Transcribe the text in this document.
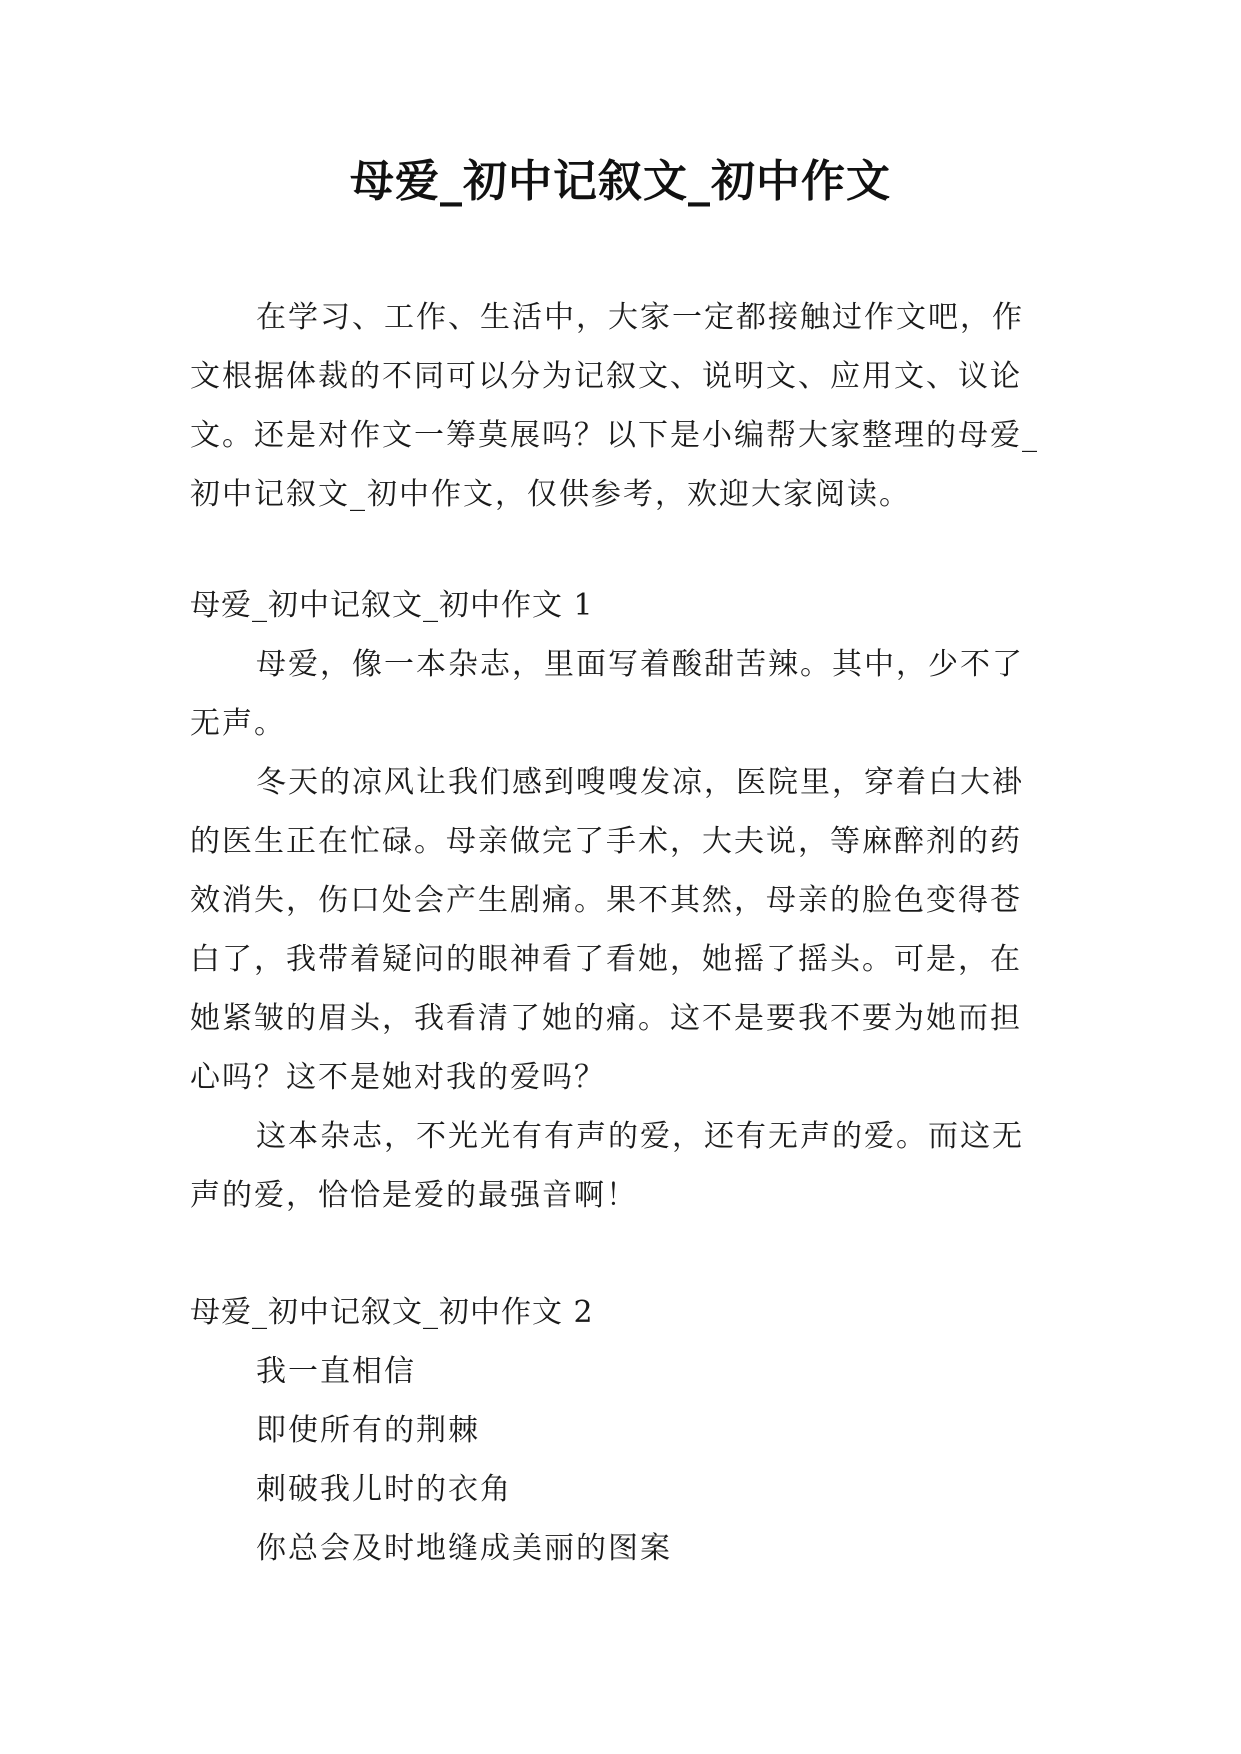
母爱_初中记叙文_初中作文

在学习、工作、生活中，大家一定都接触过作文吧，作文根据体裁的不同可以分为记叙文、说明文、应用文、议论文。还是对作文一筹莫展吗？以下是小编帮大家整理的母爱_初中记叙文_初中作文，仅供参考，欢迎大家阅读。

母爱_初中记叙文_初中作文 1

母爱，像一本杂志，里面写着酸甜苦辣。其中，少不了无声。

冬天的凉风让我们感到嗖嗖发凉，医院里，穿着白大褂的医生正在忙碌。母亲做完了手术，大夫说，等麻醉剂的药效消失，伤口处会产生剧痛。果不其然，母亲的脸色变得苍白了，我带着疑问的眼神看了看她，她摇了摇头。可是，在她紧皱的眉头，我看清了她的痛。这不是要我不要为她而担心吗？这不是她对我的爱吗？

这本杂志，不光光有有声的爱，还有无声的爱。而这无声的爱，恰恰是爱的最强音啊！

母爱_初中记叙文_初中作文 2
我一直相信
即使所有的荆棘
刺破我儿时的衣角
你总会及时地缝成美丽的图案
